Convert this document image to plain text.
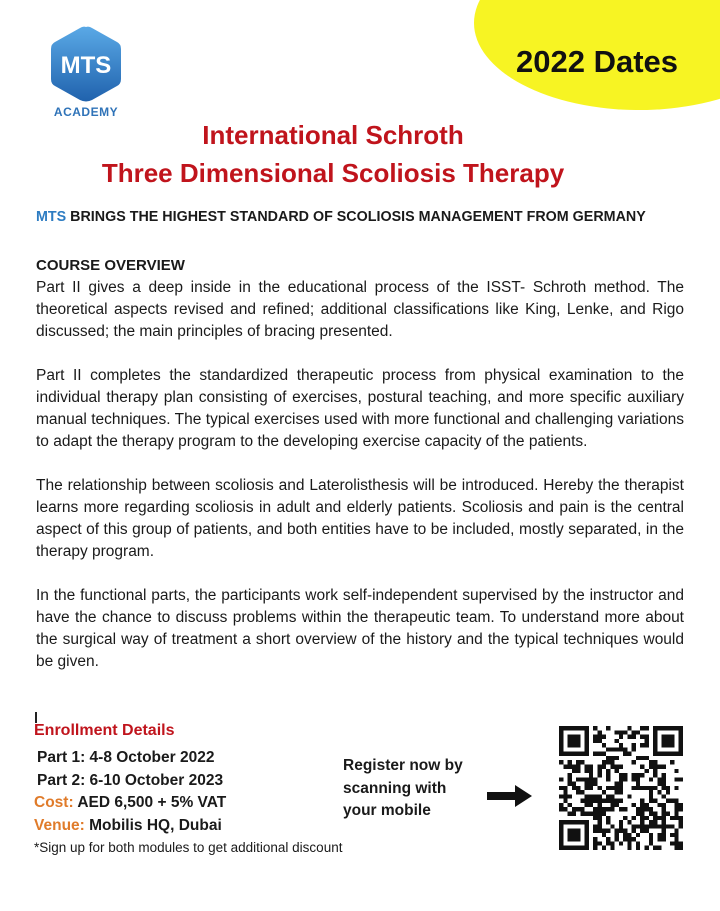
2022 Dates
MTS
ACADEMY
International Schroth
Three Dimensional Scoliosis Therapy

MTS BRINGS THE HIGHEST STANDARD OF SCOLIOSIS MANAGEMENT FROM GERMANY

COURSE OVERVIEW

Part II gives a deep inside in the educational process of the ISST- Schroth method. The theoretical aspects revised and refined; additional classifications like King, Lenke, and Rigo discussed; the main principles of bracing presented.

Part II completes the standardized therapeutic process from physical examination to the individual therapy plan consisting of exercises, postural teaching, and more specific auxiliary manual techniques. The typical exercises used with more functional and challenging variations to adapt the therapy program to the developing exercise capacity of the patients.

The relationship between scoliosis and Laterolisthesis will be introduced. Hereby the therapist learns more regarding scoliosis in adult and elderly patients. Scoliosis and pain is the central aspect of this group of patients, and both entities have to be included, mostly separated, in the therapy program.

In the functional parts, the participants work self-independent supervised by the instructor and have the chance to discuss problems within the therapeutic team. To understand more about the surgical way of treatment a short overview of the history and the typical techniques would be given.

Enrollment Details
Part 1: 4-8 October 2022
Part 2: 6-10 October 2023
Cost: AED 6,500 + 5% VAT
Venue: Mobilis HQ, Dubai
*Sign up for both modules to get additional discount
Register now by
scanning with
your mobile
